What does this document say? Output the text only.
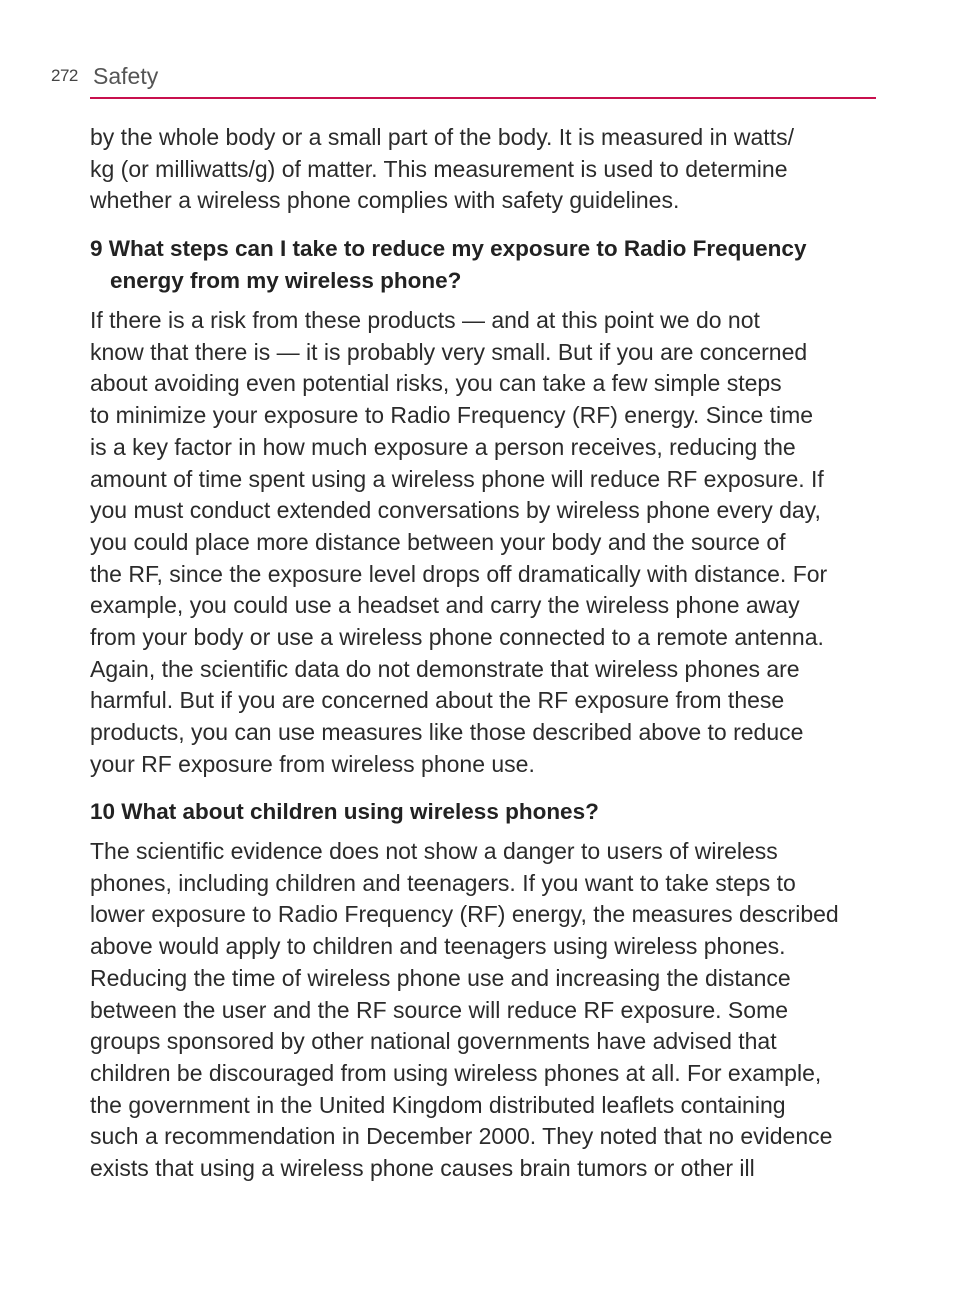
272 Safety
by the whole body or a small part of the body. It is measured in watts/
kg (or milliwatts/g) of matter. This measurement is used to determine
whether a wireless phone complies with safety guidelines.
9 What steps can I take to reduce my exposure to Radio Frequency
energy from my wireless phone?
If there is a risk from these products — and at this point we do not
know that there is — it is probably very small. But if you are concerned
about avoiding even potential risks, you can take a few simple steps
to minimize your exposure to Radio Frequency (RF) energy. Since time
is a key factor in how much exposure a person receives, reducing the
amount of time spent using a wireless phone will reduce RF exposure. If
you must conduct extended conversations by wireless phone every day,
you could place more distance between your body and the source of
the RF, since the exposure level drops off dramatically with distance. For
example, you could use a headset and carry the wireless phone away
from your body or use a wireless phone connected to a remote antenna.
Again, the scientific data do not demonstrate that wireless phones are
harmful. But if you are concerned about the RF exposure from these
products, you can use measures like those described above to reduce
your RF exposure from wireless phone use.
10 What about children using wireless phones?
The scientific evidence does not show a danger to users of wireless
phones, including children and teenagers. If you want to take steps to
lower exposure to Radio Frequency (RF) energy, the measures described
above would apply to children and teenagers using wireless phones.
Reducing the time of wireless phone use and increasing the distance
between the user and the RF source will reduce RF exposure. Some
groups sponsored by other national governments have advised that
children be discouraged from using wireless phones at all. For example,
the government in the United Kingdom distributed leaflets containing
such a recommendation in December 2000. They noted that no evidence
exists that using a wireless phone causes brain tumors or other ill
